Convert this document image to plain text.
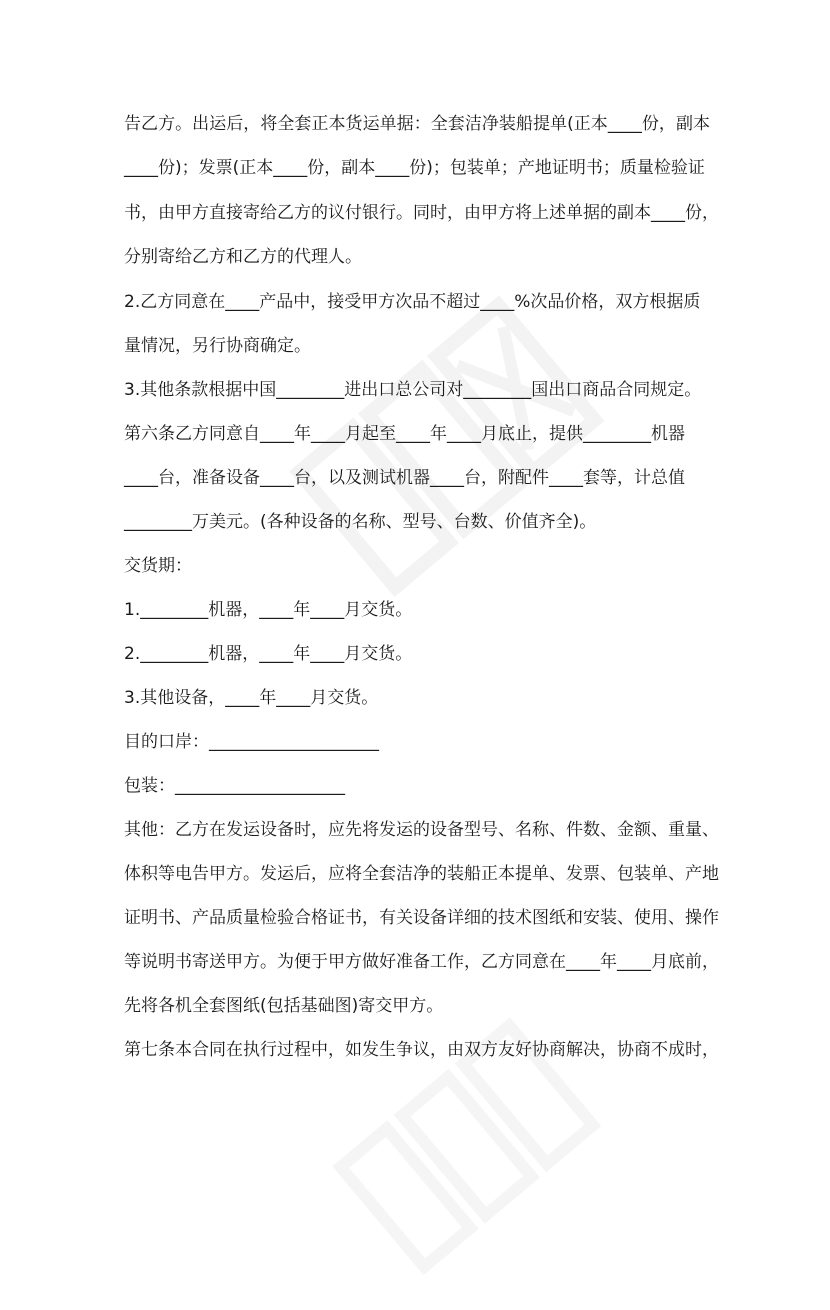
告乙方。出运后，将全套正本货运单据：全套洁净装船提单(正本____份，副本
____份)；发票(正本____份，副本____份)；包装单；产地证明书；质量检验证
书，由甲方直接寄给乙方的议付银行。同时，由甲方将上述单据的副本____份，
分别寄给乙方和乙方的代理人。
2.乙方同意在____产品中，接受甲方次品不超过____%次品价格，双方根据质
量情况，另行协商确定。
3.其他条款根据中国________进出口总公司对________国出口商品合同规定。
第六条乙方同意自____年____月起至____年____月底止，提供________机器
____台，准备设备____台，以及测试机器____台，附配件____套等，计总值
________万美元。(各种设备的名称、型号、台数、价值齐全)。
交货期：
1.________机器，____年____月交货。
2.________机器，____年____月交货。
3.其他设备，____年____月交货。
目的口岸：____________________
包装：____________________
其他：乙方在发运设备时，应先将发运的设备型号、名称、件数、金额、重量、
体积等电告甲方。发运后，应将全套洁净的装船正本提单、发票、包装单、产地
证明书、产品质量检验合格证书，有关设备详细的技术图纸和安装、使用、操作
等说明书寄送甲方。为便于甲方做好准备工作，乙方同意在____年____月底前，
先将各机全套图纸(包括基础图)寄交甲方。
第七条本合同在执行过程中，如发生争议，由双方友好协商解决，协商不成时，
